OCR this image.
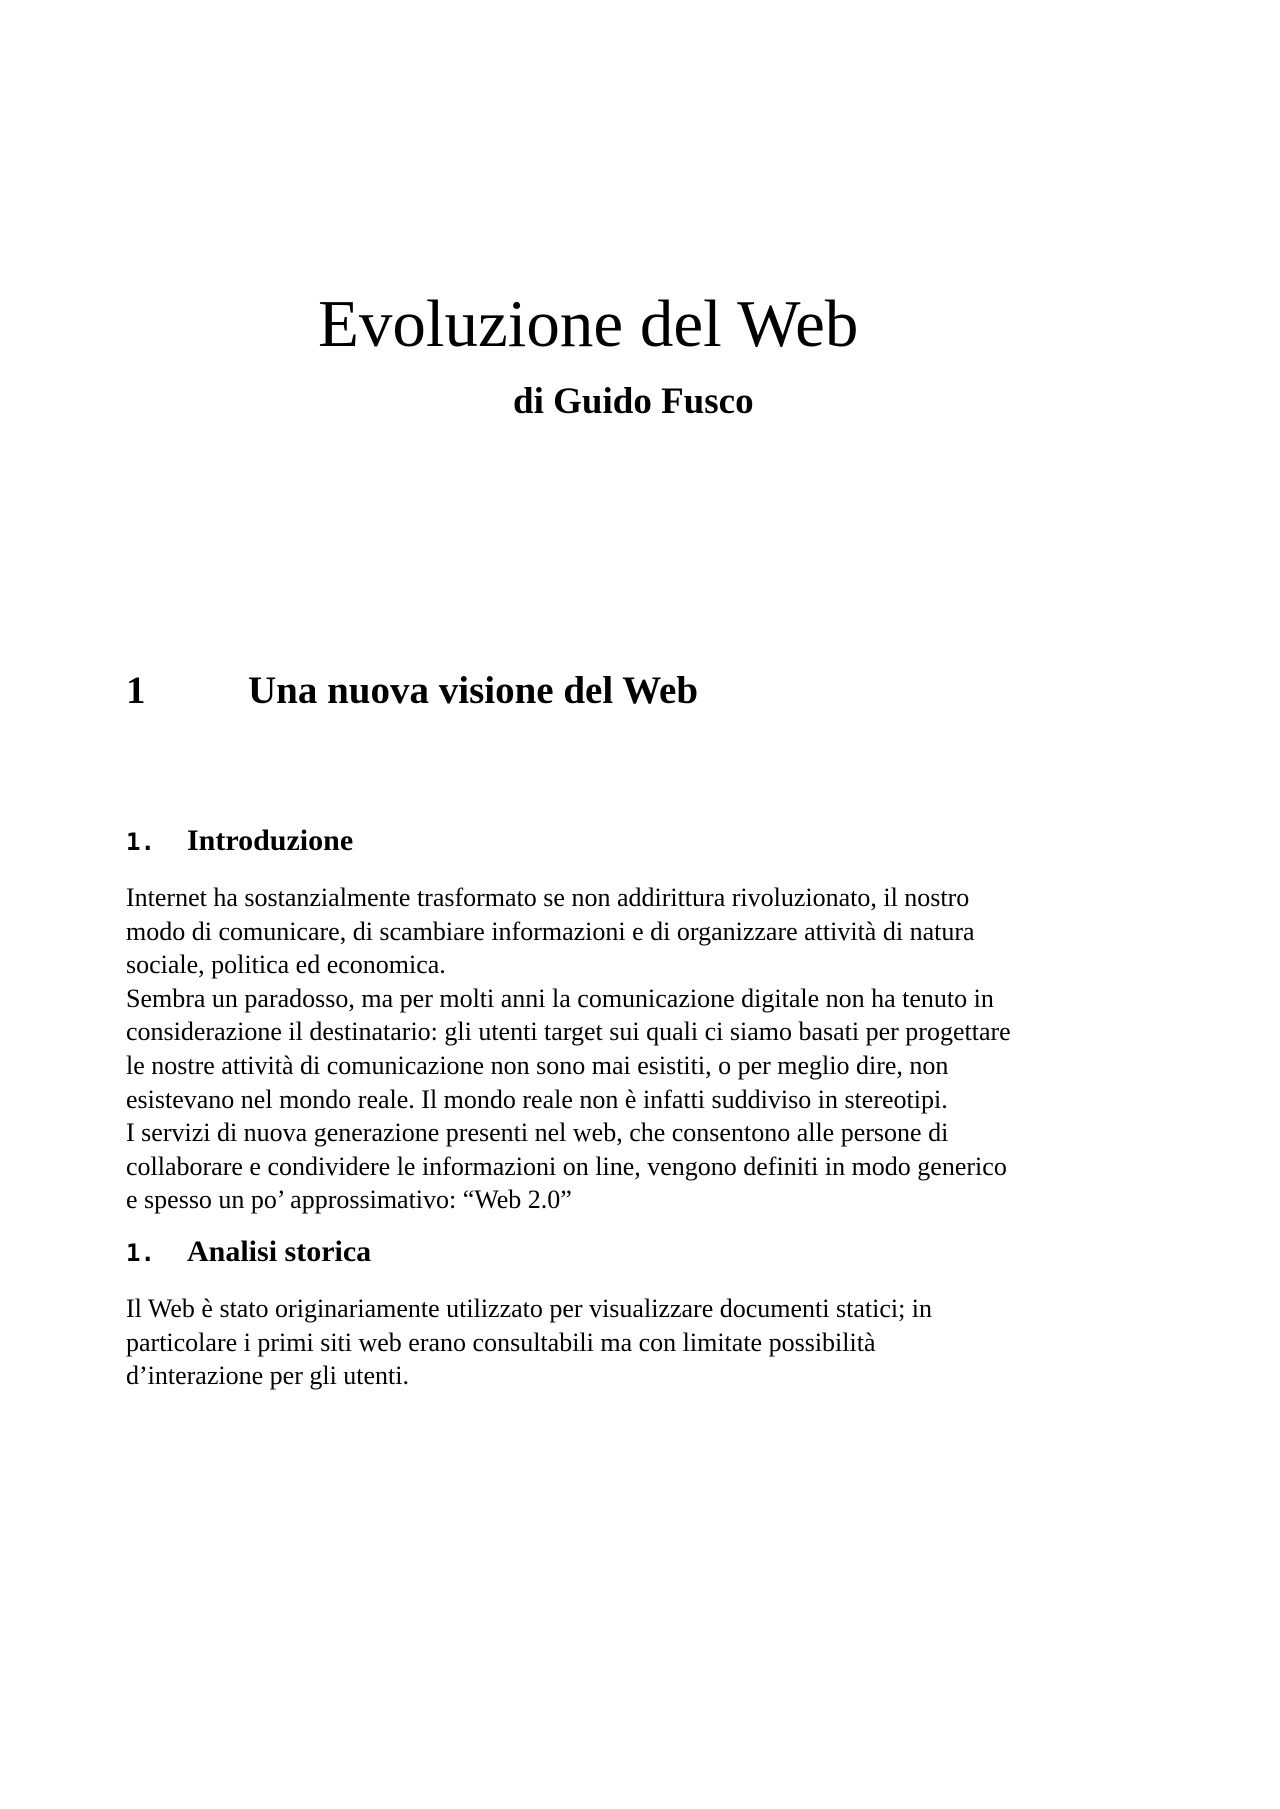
Evoluzione del Web
di Guido Fusco
1	Una nuova visione del Web
1. Introduzione
Internet ha sostanzialmente trasformato se non addirittura rivoluzionato, il nostro
modo di comunicare, di scambiare informazioni e di organizzare attività di natura
sociale, politica ed economica.
Sembra un paradosso, ma per molti anni la comunicazione digitale non ha tenuto in
considerazione il destinatario: gli utenti target sui quali ci siamo basati per progettare
le nostre attività di comunicazione non sono mai esistiti, o per meglio dire, non
esistevano nel mondo reale. Il mondo reale non è infatti suddiviso in stereotipi.
I servizi di nuova generazione presenti nel web, che consentono alle persone di
collaborare e condividere le informazioni on line, vengono definiti in modo generico
e spesso un po’ approssimativo: “Web 2.0”
1. Analisi storica
Il Web è stato originariamente utilizzato per visualizzare documenti statici; in
particolare i primi siti web erano consultabili ma con limitate possibilità
d’interazione per gli utenti.
